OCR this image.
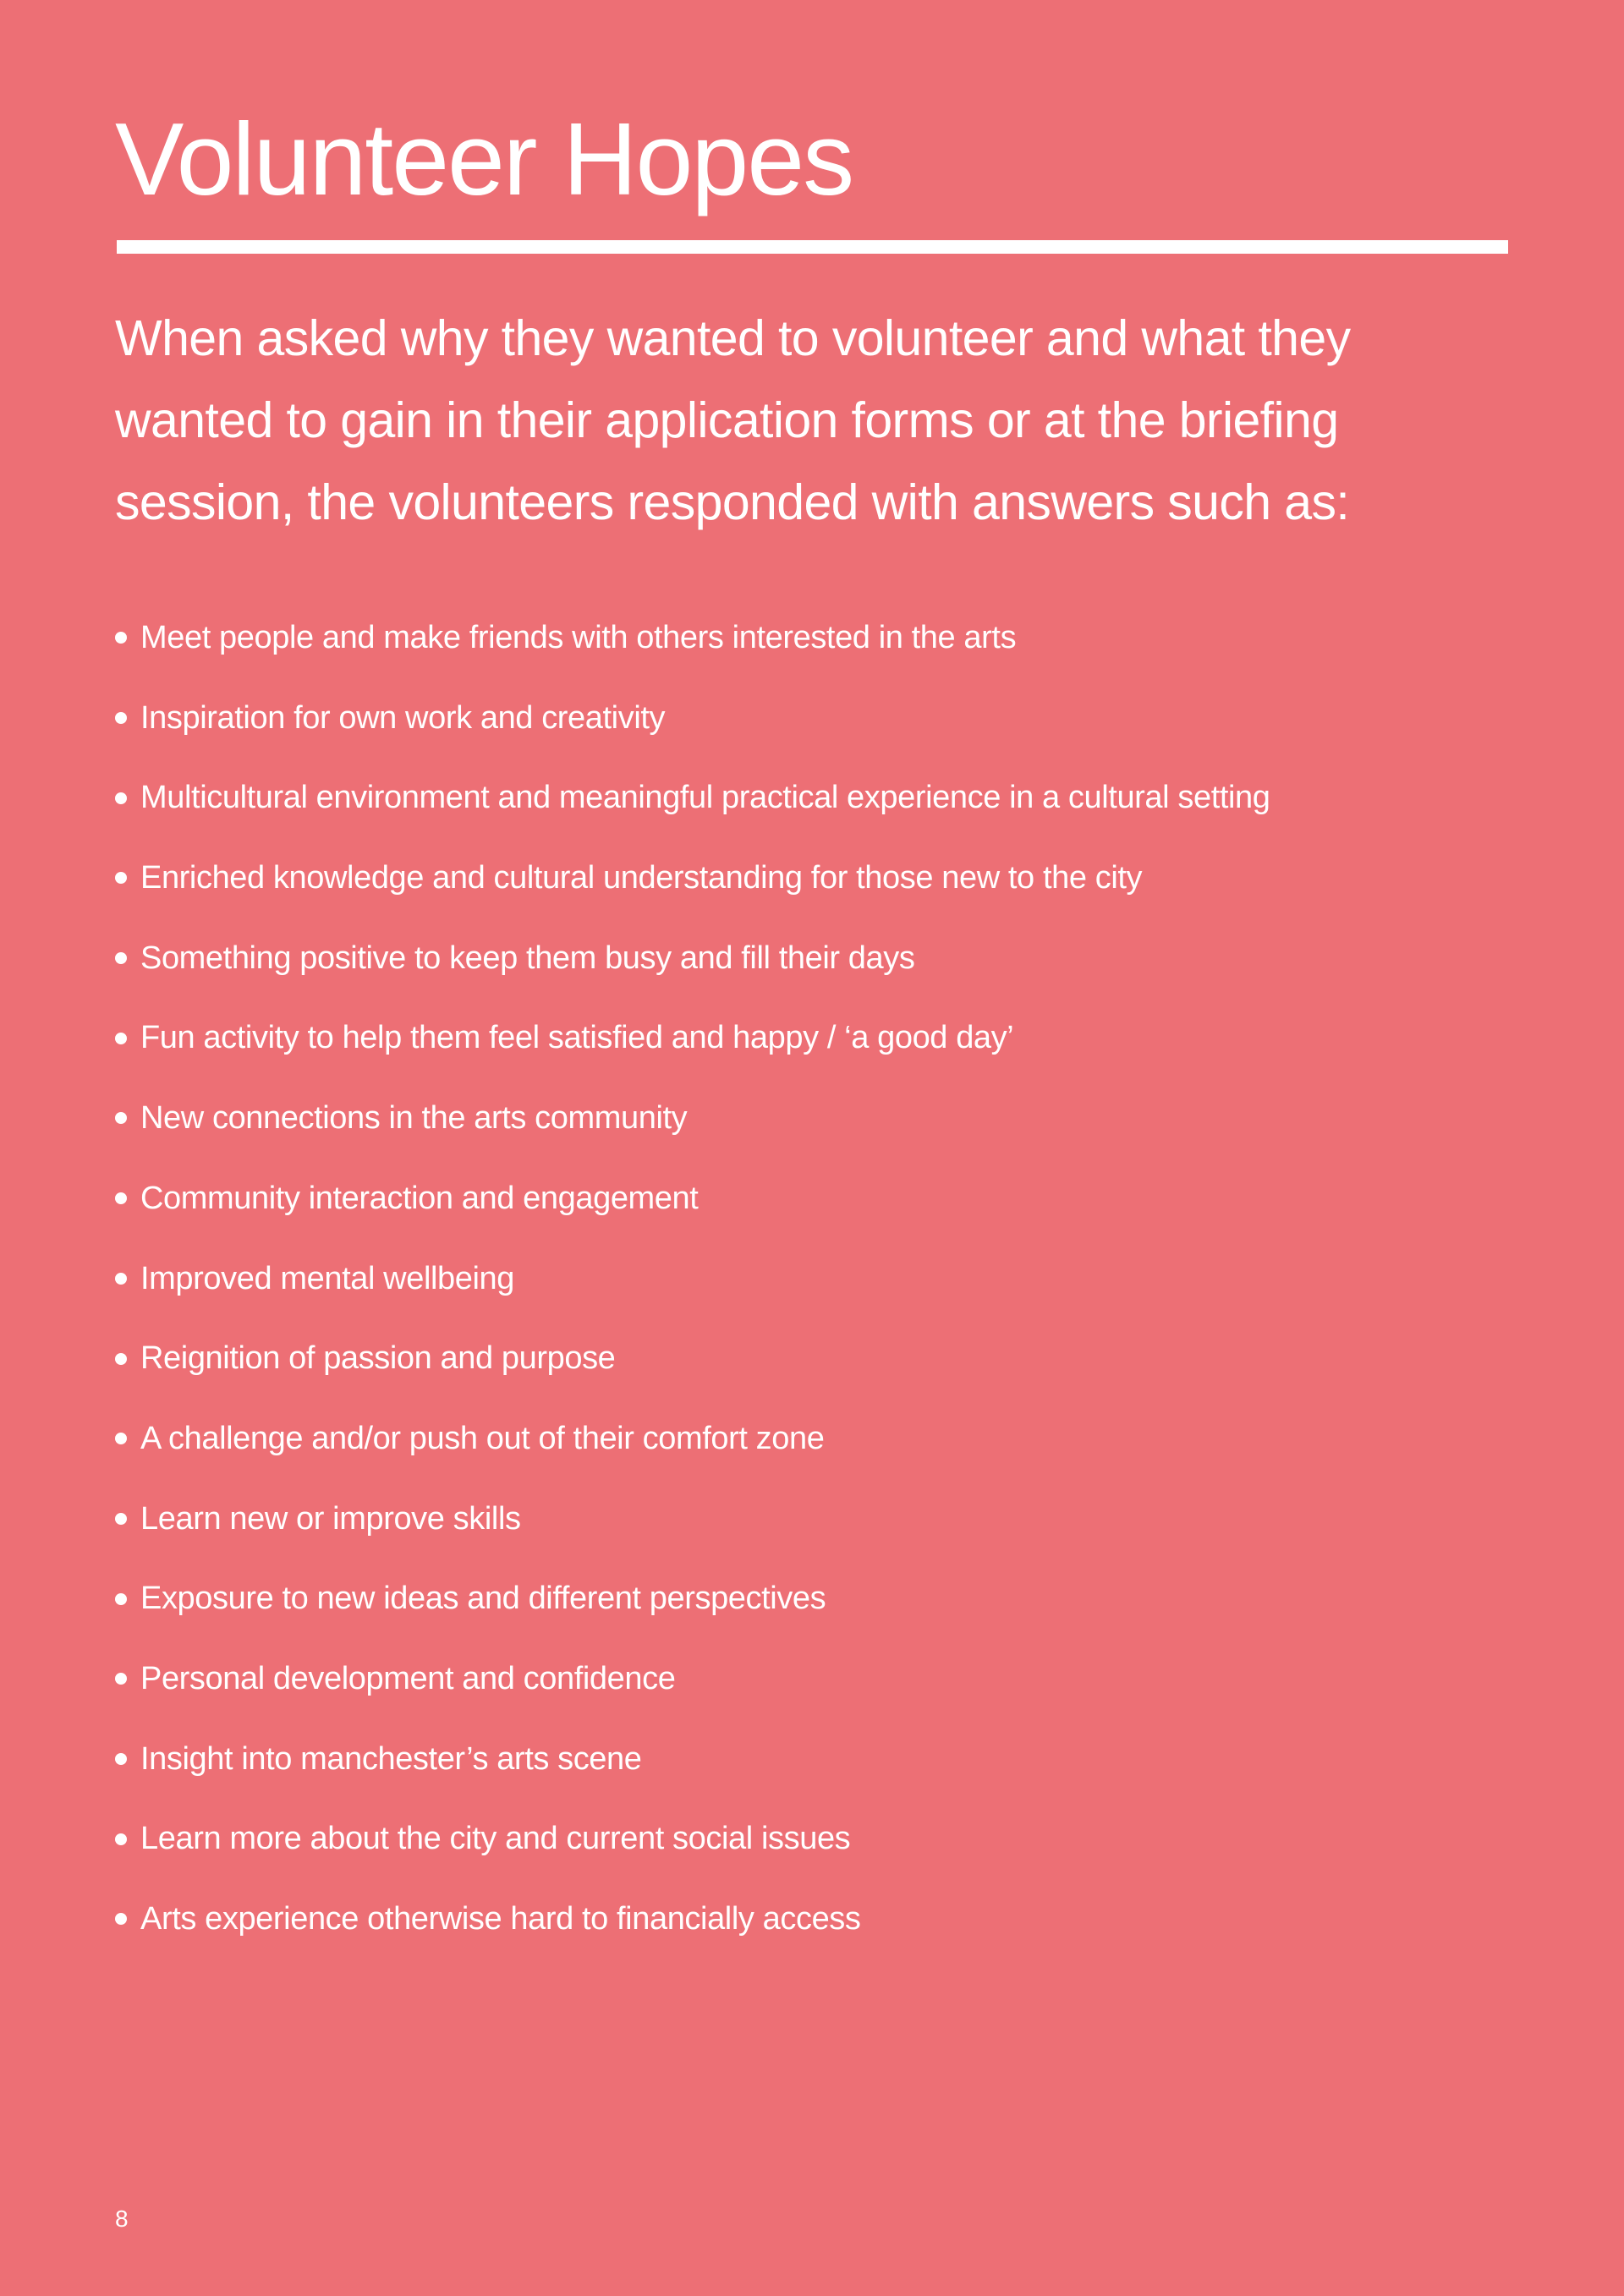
Volunteer Hopes

When asked why they wanted to volunteer and what they wanted to gain in their application forms or at the briefing session, the volunteers responded with answers such as:

Meet people and make friends with others interested in the arts
Inspiration for own work and creativity
Multicultural environment and meaningful practical experience in a cultural setting
Enriched knowledge and cultural understanding for those new to the city
Something positive to keep them busy and fill their days
Fun activity to help them feel satisfied and happy / ‘a good day’
New connections in the arts community
Community interaction and engagement
Improved mental wellbeing
Reignition of passion and purpose
A challenge and/or push out of their comfort zone
Learn new or improve skills
Exposure to new ideas and different perspectives
Personal development and confidence
Insight into manchester’s arts scene
Learn more about the city and current social issues
Arts experience otherwise hard to financially access
8
